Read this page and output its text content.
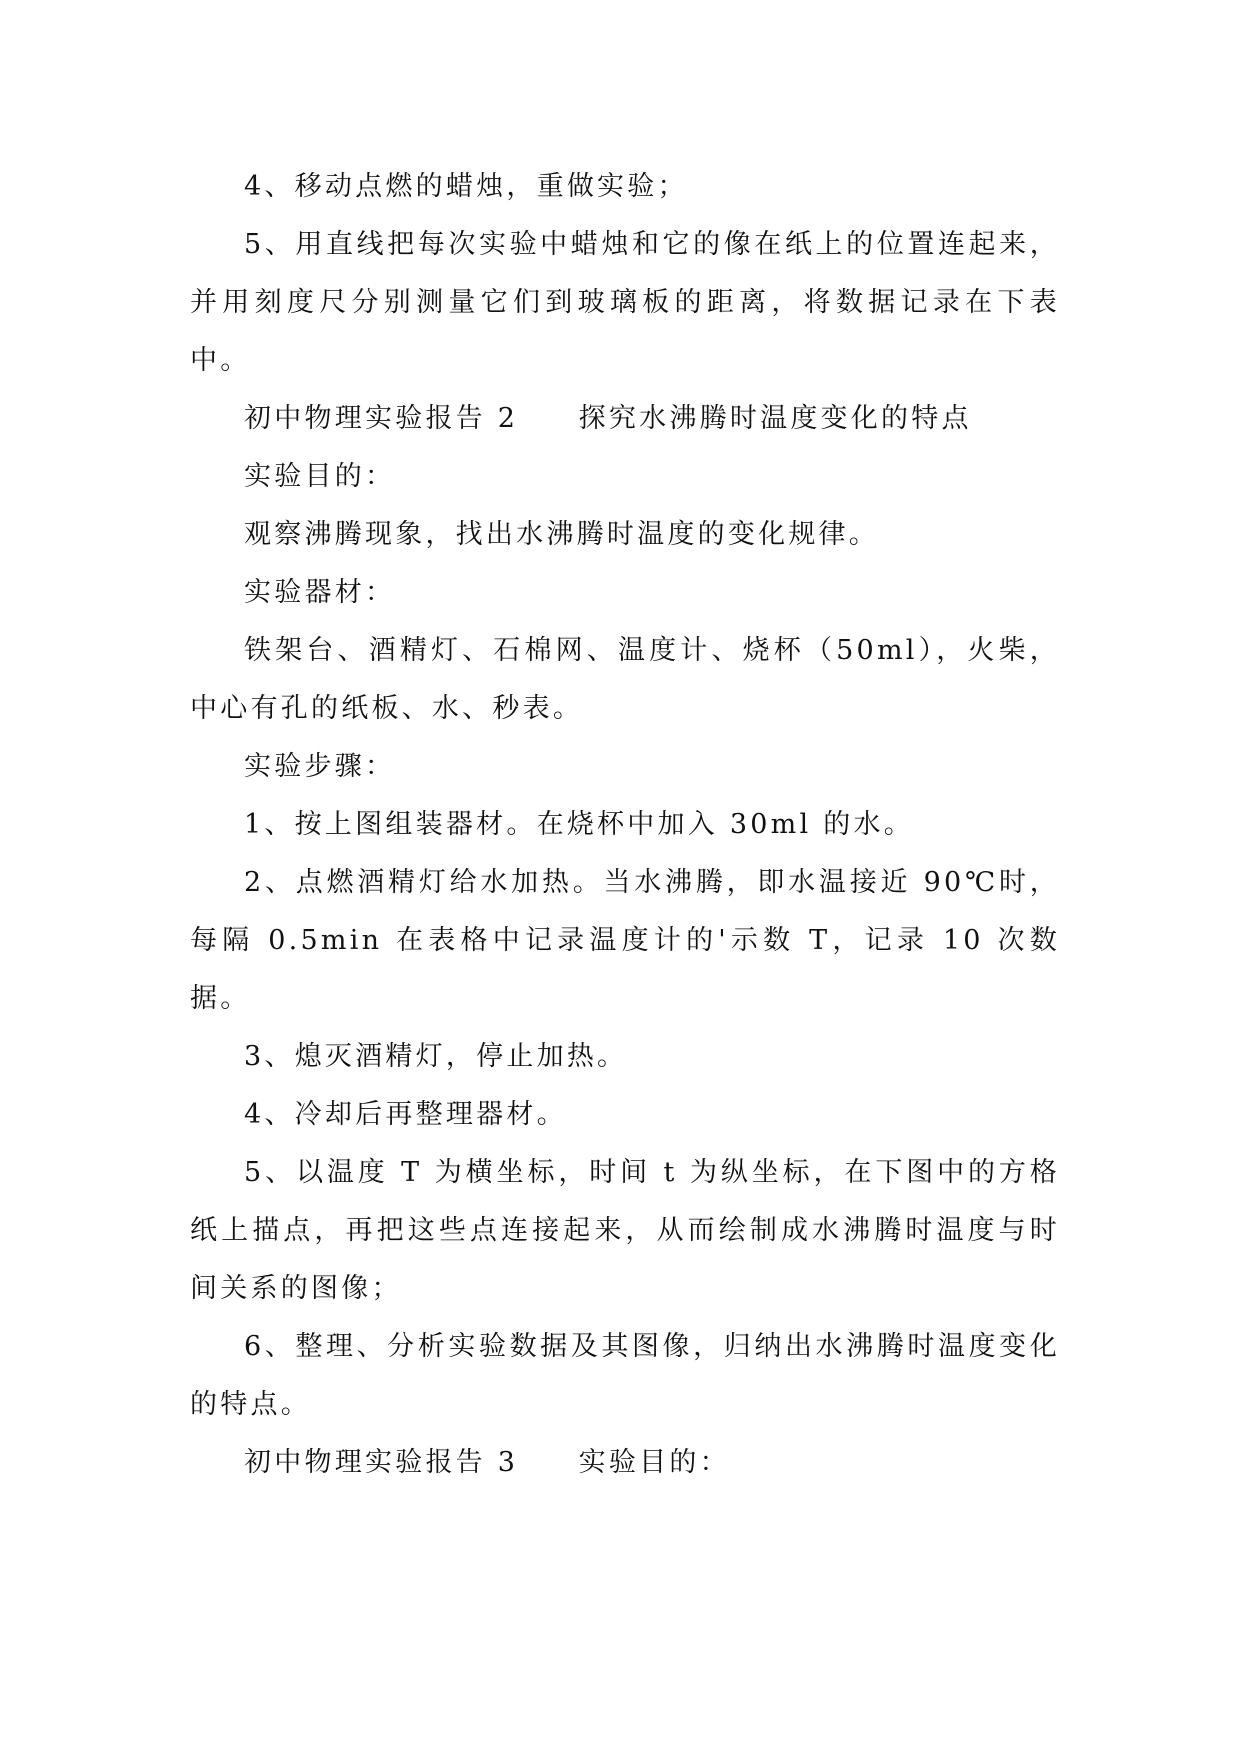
4、移动点燃的蜡烛，重做实验；

5、用直线把每次实验中蜡烛和它的像在纸上的位置连起来，并用刻度尺分别测量它们到玻璃板的距离，将数据记录在下表中。

初中物理实验报告 2　　探究水沸腾时温度变化的特点

实验目的：

观察沸腾现象，找出水沸腾时温度的变化规律。

实验器材：

铁架台、酒精灯、石棉网、温度计、烧杯（50ml），火柴，中心有孔的纸板、水、秒表。

实验步骤：

1、按上图组装器材。在烧杯中加入 30ml 的水。

2、点燃酒精灯给水加热。当水沸腾，即水温接近 90℃时，每隔 0.5min 在表格中记录温度计的'示数 T，记录 10 次数据。

3、熄灭酒精灯，停止加热。

4、冷却后再整理器材。

5、以温度 T 为横坐标，时间 t 为纵坐标，在下图中的方格纸上描点，再把这些点连接起来，从而绘制成水沸腾时温度与时间关系的图像；

6、整理、分析实验数据及其图像，归纳出水沸腾时温度变化的特点。

初中物理实验报告 3　　实验目的：
